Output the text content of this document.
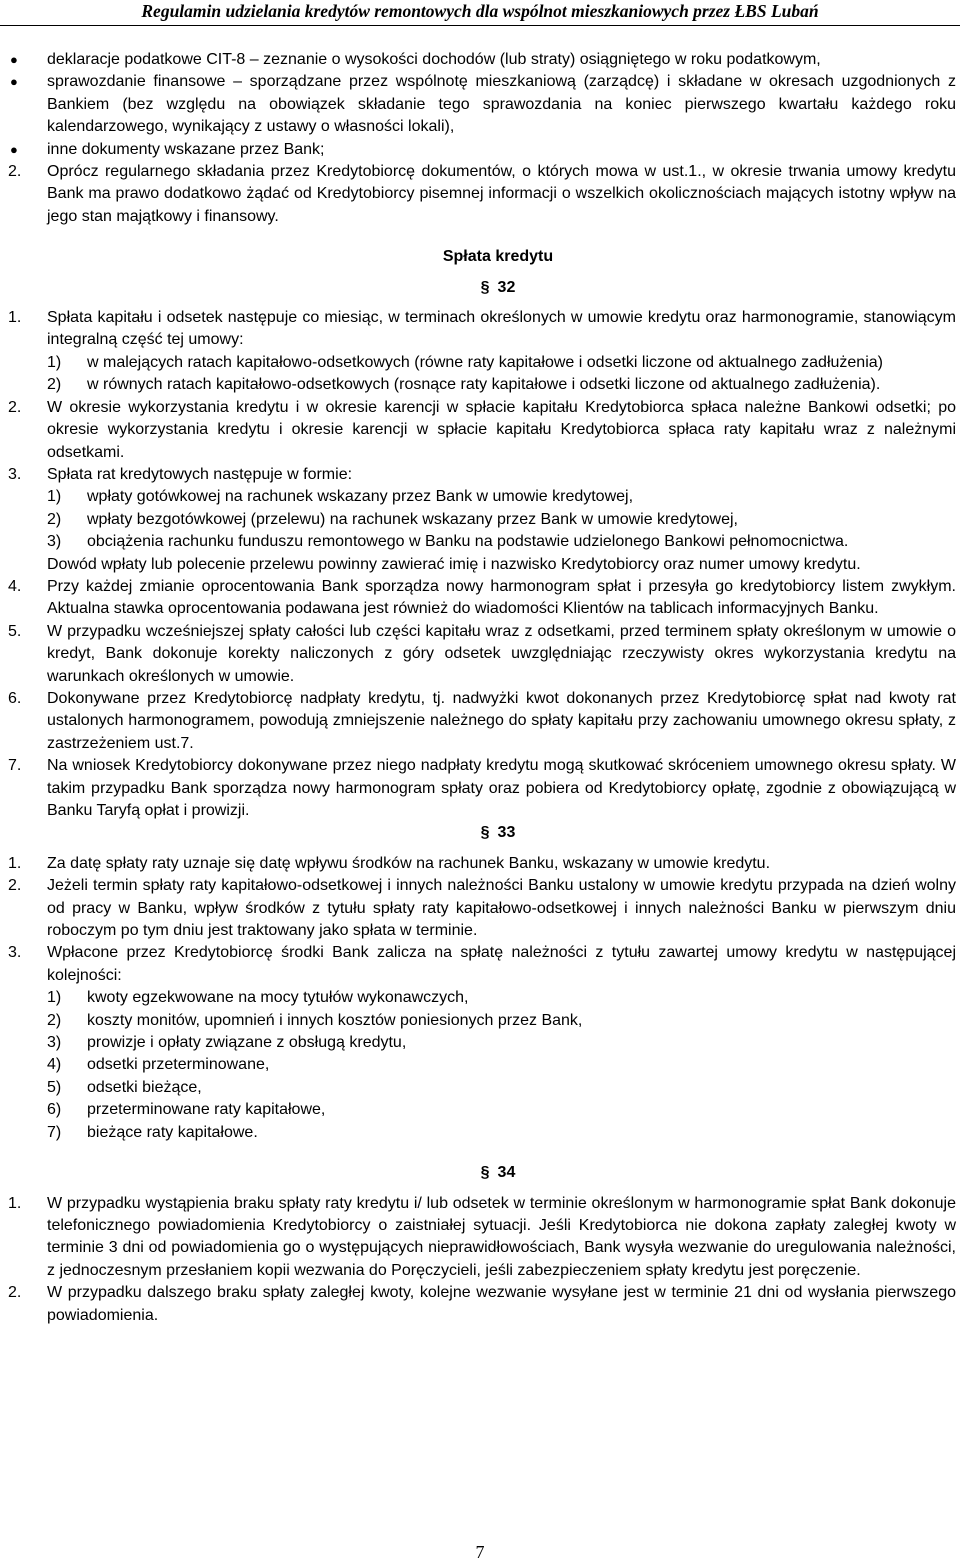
Regulamin udzielania kredytów remontowych dla wspólnot mieszkaniowych przez ŁBS Lubań
● deklaracje podatkowe CIT-8 – zeznanie o wysokości dochodów (lub straty) osiągniętego w roku podatkowym,
● sprawozdanie finansowe – sporządzane przez wspólnotę mieszkaniową (zarządcę) i składane w okresach uzgodnionych z Bankiem (bez względu na obowiązek składanie tego sprawozdania na koniec pierwszego kwartału każdego roku kalendarzowego, wynikający z ustawy o własności lokali),
● inne dokumenty wskazane przez Bank;
2. Oprócz regularnego składania przez Kredytobiorcę dokumentów, o których mowa w ust.1., w okresie trwania umowy kredytu Bank ma prawo dodatkowo żądać od Kredytobiorcy pisemnej informacji o wszelkich okolicznościach mających istotny wpływ na jego stan majątkowy i finansowy.
Spłata kredytu
§ 32
1. Spłata kapitału i odsetek następuje co miesiąc, w terminach określonych w umowie kredytu oraz harmonogramie, stanowiącym integralną część tej umowy:
1) w malejących ratach kapitałowo-odsetkowych (równe raty kapitałowe i odsetki liczone od aktualnego zadłużenia)
2) w równych ratach kapitałowo-odsetkowych (rosnące raty kapitałowe i odsetki liczone od aktualnego zadłużenia).
2. W okresie wykorzystania kredytu i w okresie karencji w spłacie kapitału Kredytobiorca spłaca należne Bankowi odsetki; po okresie wykorzystania kredytu i okresie karencji w spłacie kapitału Kredytobiorca spłaca raty kapitału wraz z należnymi odsetkami.
3. Spłata rat kredytowych następuje w formie:
1) wpłaty gotówkowej na rachunek wskazany przez Bank w umowie kredytowej,
2) wpłaty bezgotówkowej (przelewu) na rachunek wskazany przez Bank w umowie kredytowej,
3) obciążenia rachunku funduszu remontowego w Banku na podstawie udzielonego Bankowi pełnomocnictwa.
Dowód wpłaty lub polecenie przelewu powinny zawierać imię i nazwisko Kredytobiorcy oraz numer umowy kredytu.
4. Przy każdej zmianie oprocentowania Bank sporządza nowy harmonogram spłat i przesyła go kredytobiorcy listem zwykłym. Aktualna stawka oprocentowania podawana jest również do wiadomości Klientów na tablicach informacyjnych Banku.
5. W przypadku wcześniejszej spłaty całości lub części kapitału wraz z odsetkami, przed terminem spłaty określonym w umowie o kredyt, Bank dokonuje korekty naliczonych z góry odsetek uwzględniając rzeczywisty okres wykorzystania kredytu na warunkach określonych w umowie.
6. Dokonywane przez Kredytobiorcę nadpłaty kredytu, tj. nadwyżki kwot dokonanych przez Kredytobiorcę spłat nad kwoty rat ustalonych harmonogramem, powodują zmniejszenie należnego do spłaty kapitału przy zachowaniu umownego okresu spłaty, z zastrzeżeniem ust.7.
7. Na wniosek Kredytobiorcy dokonywane przez niego nadpłaty kredytu mogą skutkować skróceniem umownego okresu spłaty. W takim przypadku Bank sporządza nowy harmonogram spłaty oraz pobiera od Kredytobiorcy opłatę, zgodnie z obowiązującą w Banku Taryfą opłat i prowizji.
§ 33
1. Za datę spłaty raty uznaje się datę wpływu środków na rachunek Banku, wskazany w umowie kredytu.
2. Jeżeli termin spłaty raty kapitałowo-odsetkowej i innych należności Banku ustalony w umowie kredytu przypada na dzień wolny od pracy w Banku, wpływ środków z tytułu spłaty raty kapitałowo-odsetkowej i innych należności Banku w pierwszym dniu roboczym po tym dniu jest traktowany jako spłata w terminie.
3. Wpłacone przez Kredytobiorcę środki Bank zalicza na spłatę należności z tytułu zawartej umowy kredytu w następującej kolejności:
1) kwoty egzekwowane na mocy tytułów wykonawczych,
2) koszty monitów, upomnień i innych kosztów poniesionych przez Bank,
3) prowizje i opłaty związane z obsługą kredytu,
4) odsetki przeterminowane,
5) odsetki bieżące,
6) przeterminowane raty kapitałowe,
7) bieżące raty kapitałowe.
§ 34
1. W przypadku wystąpienia braku spłaty raty kredytu i/ lub odsetek w terminie określonym w harmonogramie spłat Bank dokonuje telefonicznego powiadomienia Kredytobiorcy o zaistniałej sytuacji. Jeśli Kredytobiorca nie dokona zapłaty zaległej kwoty w terminie 3 dni od powiadomienia go o występujących nieprawidłowościach, Bank wysyła wezwanie do uregulowania należności, z jednoczesnym przesłaniem kopii wezwania do Poręczycieli, jeśli zabezpieczeniem spłaty kredytu jest poręczenie.
2. W przypadku dalszego braku spłaty zaległej kwoty, kolejne wezwanie wysyłane jest w terminie 21 dni od wysłania pierwszego powiadomienia.
7
